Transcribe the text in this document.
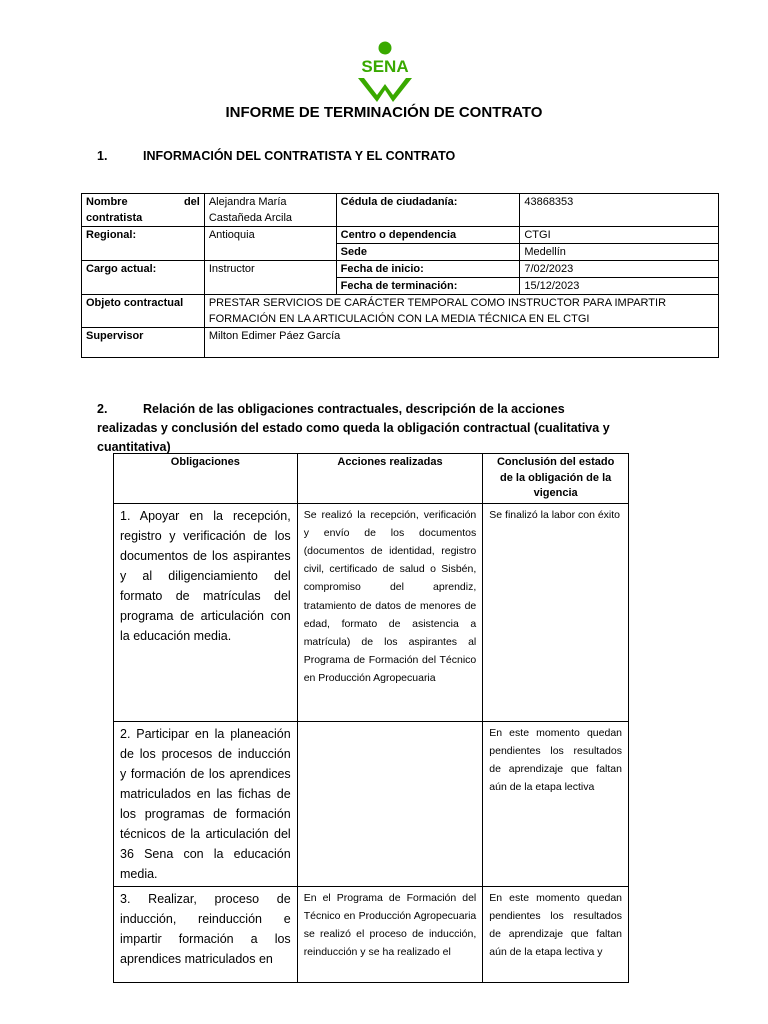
SENA
INFORME DE TERMINACIÓN DE CONTRATO
1.	INFORMACIÓN DEL CONTRATISTA Y EL CONTRATO
Nombre del contratista	Alejandra María Castañeda Arcila	Cédula de ciudadanía:	43868353
Regional:	Antioquia	Centro o dependencia	CTGI
		Sede	Medellín
Cargo actual:	Instructor	Fecha de inicio:	7/02/2023
		Fecha de terminación:	15/12/2023
Objeto contractual	PRESTAR SERVICIOS DE CARÁCTER TEMPORAL COMO INSTRUCTOR PARA IMPARTIR FORMACIÓN EN LA ARTICULACIÓN CON LA MEDIA TÉCNICA EN EL CTGI		
Supervisor	Milton Edimer Páez García		
2.	Relación de las obligaciones contractuales, descripción de la acciones realizadas y conclusión del estado como queda la obligación contractual (cualitativa y cuantitativa)
Obligaciones	Acciones realizadas	Conclusión del estado de la obligación de la vigencia
1. Apoyar en la recepción, registro y verificación de los documentos de los aspirantes y al diligenciamiento del formato de matrículas del programa de articulación con la educación media.	Se realizó la recepción, verificación y envío de los documentos (documentos de identidad, registro civil, certificado de salud o Sisbén, compromiso del aprendiz, tratamiento de datos de menores de edad, formato de asistencia a matrícula) de los aspirantes al Programa de Formación del Técnico en Producción Agropecuaria	Se finalizó la labor con éxito
2. Participar en la planeación de los procesos de inducción y formación de los aprendices matriculados en las fichas de los programas de formación técnicos de la articulación del 36 Sena con la educación media.		En este momento quedan pendientes los resultados de aprendizaje que faltan aún de la etapa lectiva
3. Realizar, proceso de inducción, reinducción e impartir formación a los aprendices matriculados en	En el Programa de Formación del Técnico en Producción Agropecuaria se realizó el proceso de inducción, reinducción y se ha realizado el	En este momento quedan pendientes los resultados de aprendizaje que faltan aún de la etapa lectiva y
